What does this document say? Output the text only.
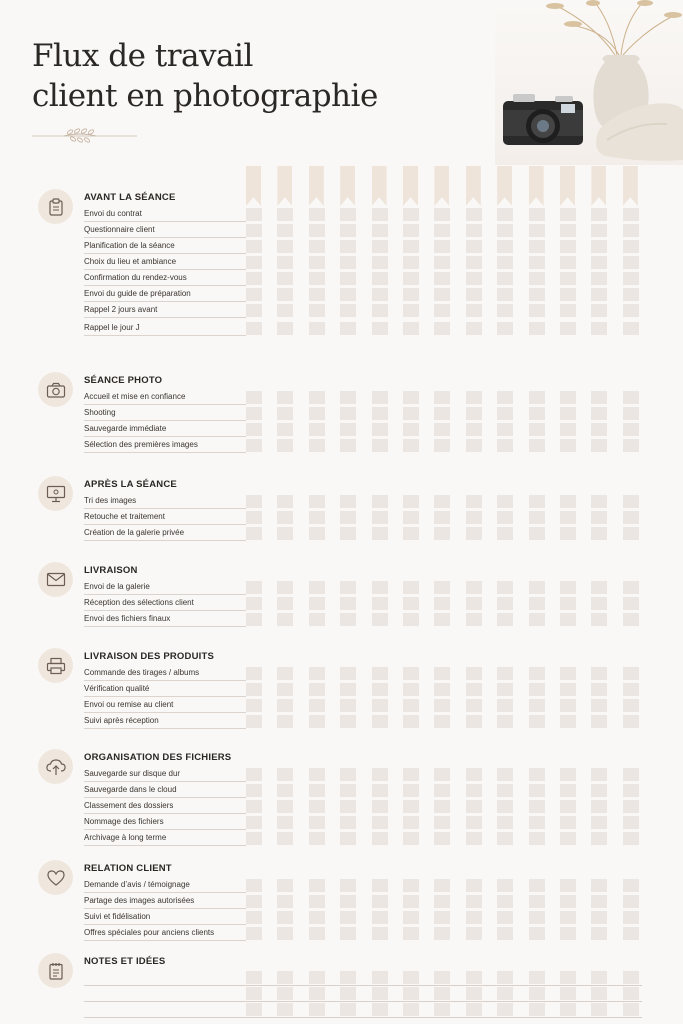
Flux de travail
client en photographie
AVANT LA SÉANCE
Envoi du contrat
Questionnaire client
Planification de la séance
Choix du lieu et ambiance
Confirmation du rendez-vous
Envoi du guide de préparation
Rappel 2 jours avant
Rappel le jour J
SÉANCE PHOTO
Accueil et mise en confiance
Shooting
Sauvegarde immédiate
Sélection des premières images
APRÈS LA SÉANCE
Tri des images
Retouche et traitement
Création de la galerie privée
LIVRAISON
Envoi de la galerie
Réception des sélections client
Envoi des fichiers finaux
LIVRAISON DES PRODUITS
Commande des tirages / albums
Vérification qualité
Envoi ou remise au client
Suivi après réception
ORGANISATION DES FICHIERS
Sauvegarde sur disque dur
Sauvegarde dans le cloud
Classement des dossiers
Nommage des fichiers
Archivage à long terme
RELATION CLIENT
Demande d’avis / témoignage
Partage des images autorisées
Suivi et fidélisation
Offres spéciales pour anciens clients
NOTES ET IDÉES
